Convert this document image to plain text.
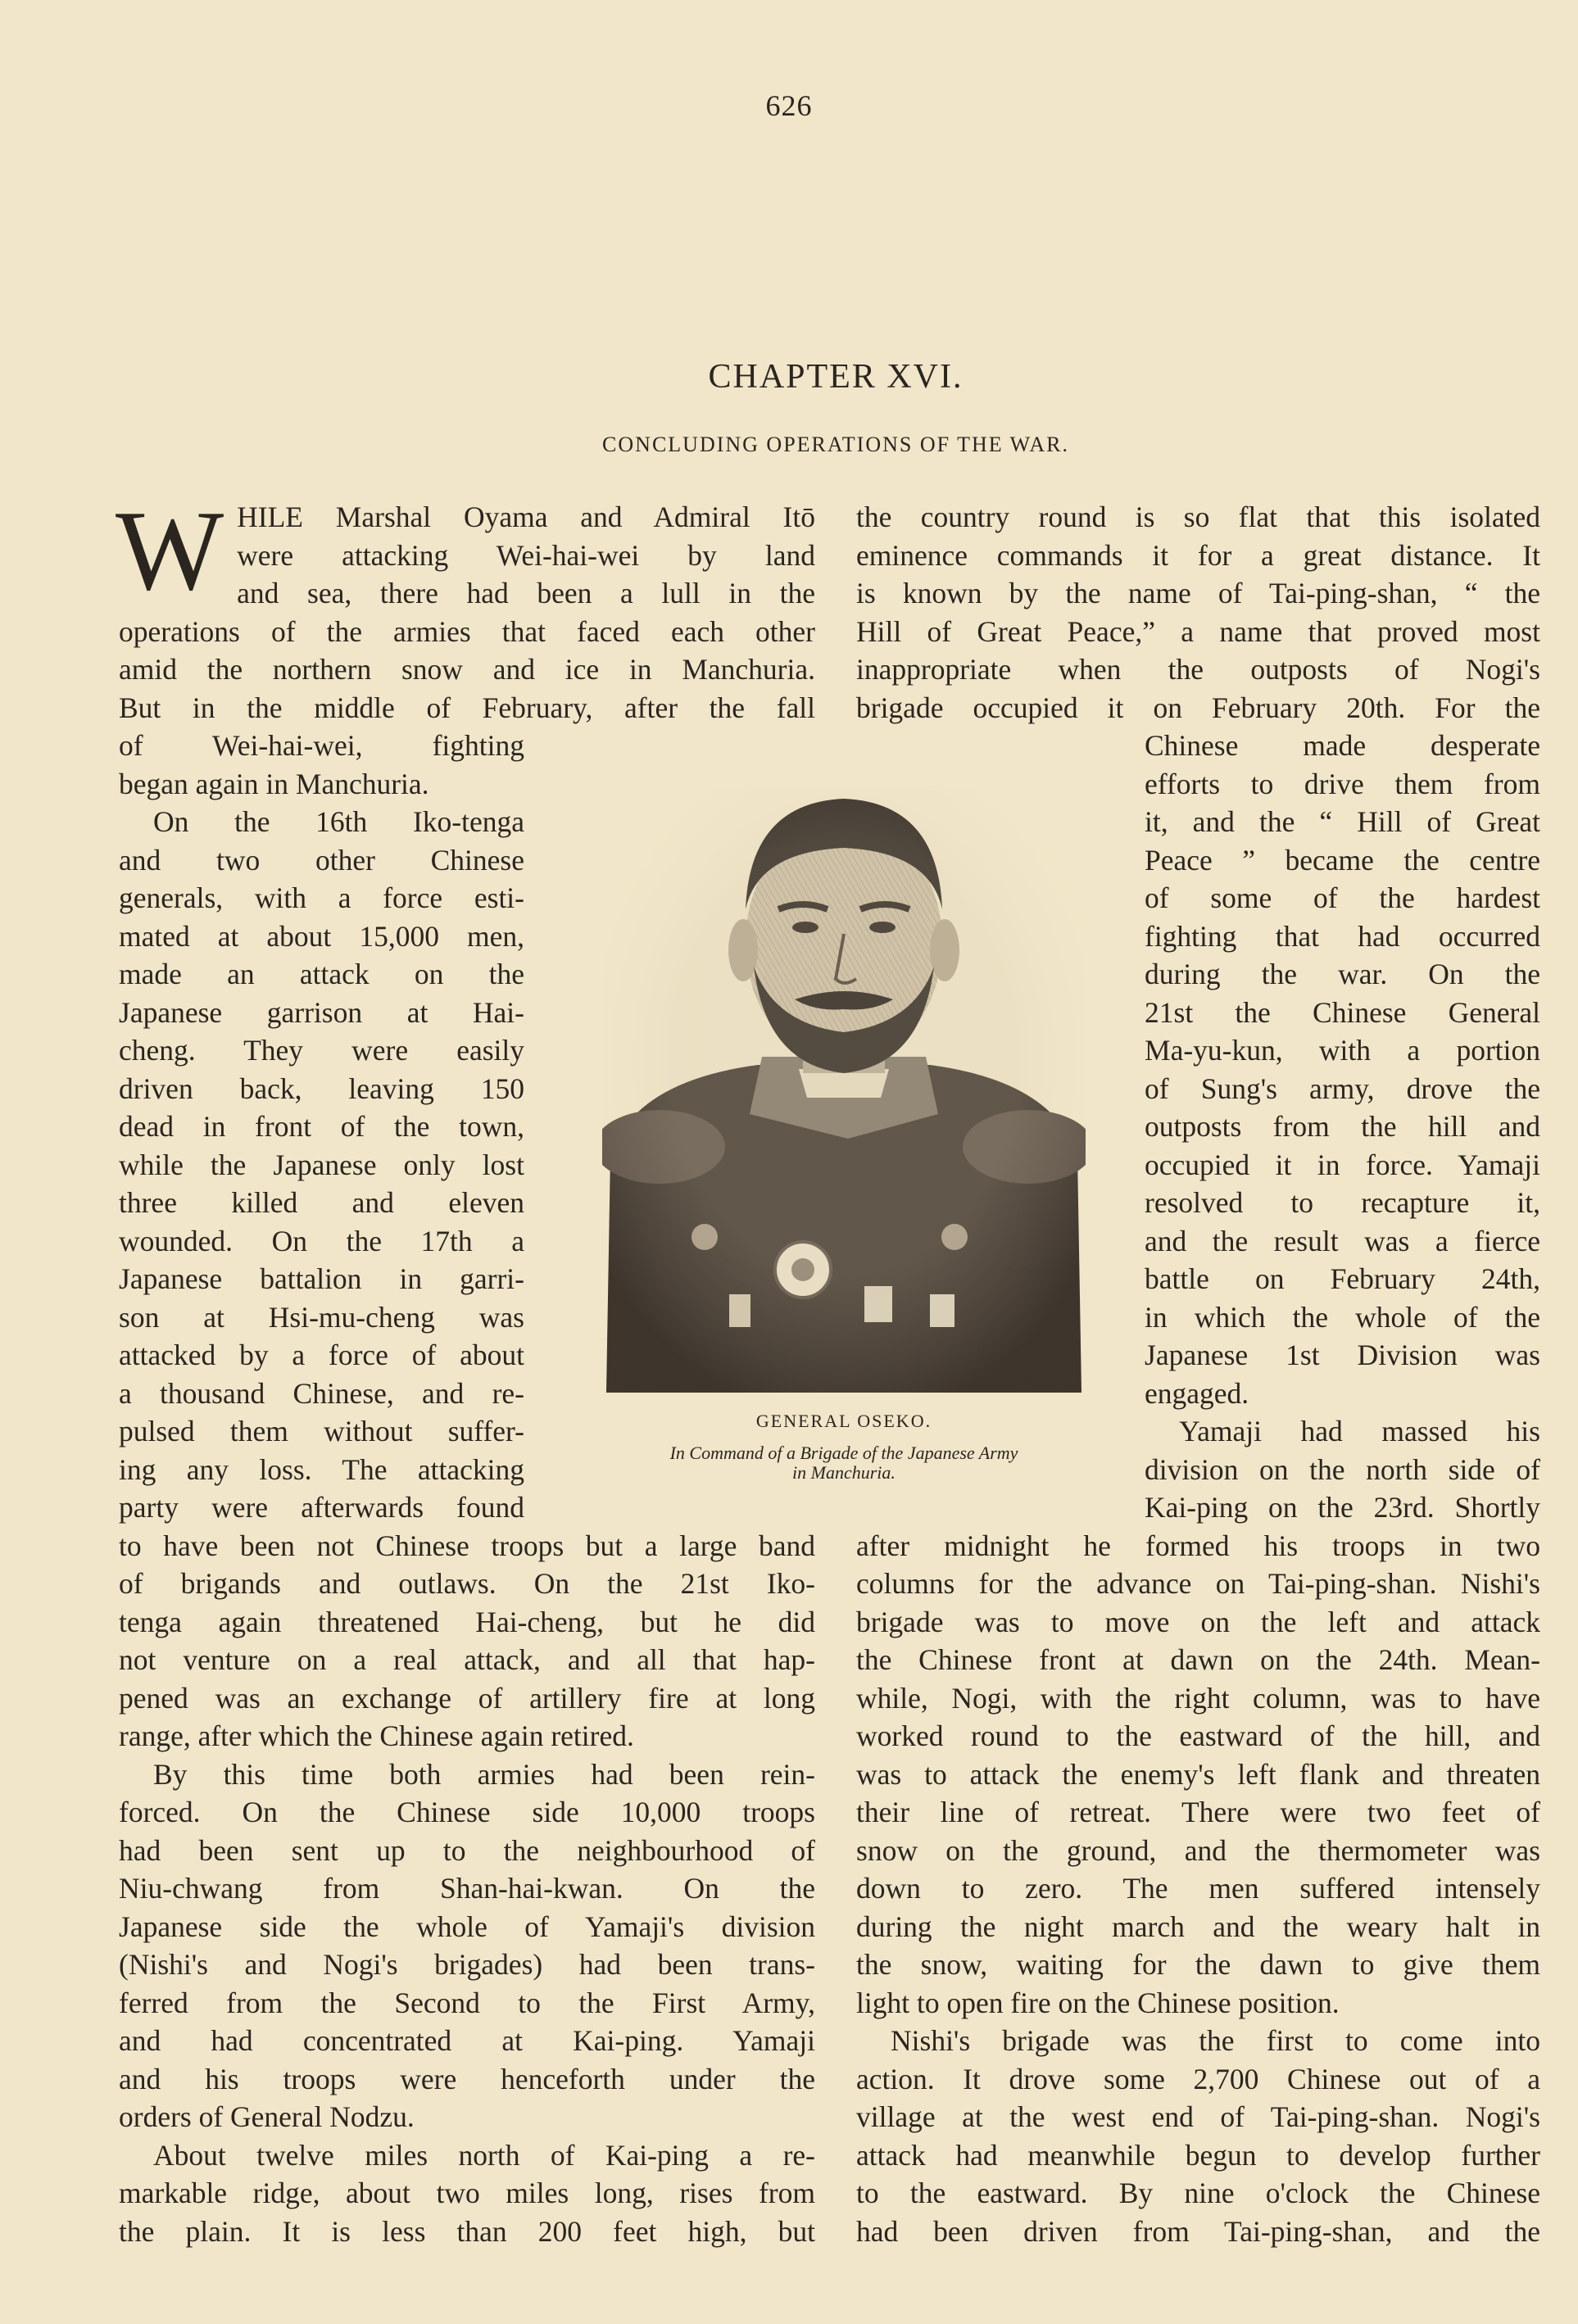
626
CHAPTER XVI.
CONCLUDING OPERATIONS OF THE WAR.
W HILE Marshal Oyama and Admiral Itō
were attacking Wei-hai-wei by land
and sea, there had been a lull in the
operations of the armies that faced each other
amid the northern snow and ice in Manchuria.
But in the middle of February, after the fall
of Wei-hai-wei, fighting
began again in Manchuria.
On the 16th Iko-tenga
and two other Chinese
generals, with a force esti-
mated at about 15,000 men,
made an attack on the
Japanese garrison at Hai-
cheng. They were easily
driven back, leaving 150
dead in front of the town,
while the Japanese only lost
three killed and eleven
wounded. On the 17th a
Japanese battalion in garri-
son at Hsi-mu-cheng was
attacked by a force of about
a thousand Chinese, and re-
pulsed them without suffer-
ing any loss. The attacking
party were afterwards found
to have been not Chinese troops but a large band
of brigands and outlaws. On the 21st Iko-
tenga again threatened Hai-cheng, but he did
not venture on a real attack, and all that hap-
pened was an exchange of artillery fire at long
range, after which the Chinese again retired.
By this time both armies had been rein-
forced. On the Chinese side 10,000 troops
had been sent up to the neighbourhood of
Niu-chwang from Shan-hai-kwan. On the
Japanese side the whole of Yamaji's division
(Nishi's and Nogi's brigades) had been trans-
ferred from the Second to the First Army,
and had concentrated at Kai-ping. Yamaji
and his troops were henceforth under the
orders of General Nodzu.
About twelve miles north of Kai-ping a re-
markable ridge, about two miles long, rises from
the plain. It is less than 200 feet high, but
the country round is so flat that this isolated
eminence commands it for a great distance. It
is known by the name of Tai-ping-shan, “ the
Hill of Great Peace,” a name that proved most
inappropriate when the outposts of Nogi's
brigade occupied it on February 20th. For the
Chinese made desperate
efforts to drive them from
it, and the “ Hill of Great
Peace ” became the centre
of some of the hardest
fighting that had occurred
during the war. On the
21st the Chinese General
Ma-yu-kun, with a portion
of Sung's army, drove the
outposts from the hill and
occupied it in force. Yamaji
resolved to recapture it,
and the result was a fierce
battle on February 24th,
in which the whole of the
Japanese 1st Division was
engaged.
Yamaji had massed his
division on the north side of
Kai-ping on the 23rd. Shortly
after midnight he formed his troops in two
columns for the advance on Tai-ping-shan. Nishi's
brigade was to move on the left and attack
the Chinese front at dawn on the 24th. Mean-
while, Nogi, with the right column, was to have
worked round to the eastward of the hill, and
was to attack the enemy's left flank and threaten
their line of retreat. There were two feet of
snow on the ground, and the thermometer was
down to zero. The men suffered intensely
during the night march and the weary halt in
the snow, waiting for the dawn to give them
light to open fire on the Chinese position.
Nishi's brigade was the first to come into
action. It drove some 2,700 Chinese out of a
village at the west end of Tai-ping-shan. Nogi's
attack had meanwhile begun to develop further
to the eastward. By nine o'clock the Chinese
had been driven from Tai-ping-shan, and the
GENERAL OSEKO.
In Command of a Brigade of the Japanese Army
in Manchuria.
